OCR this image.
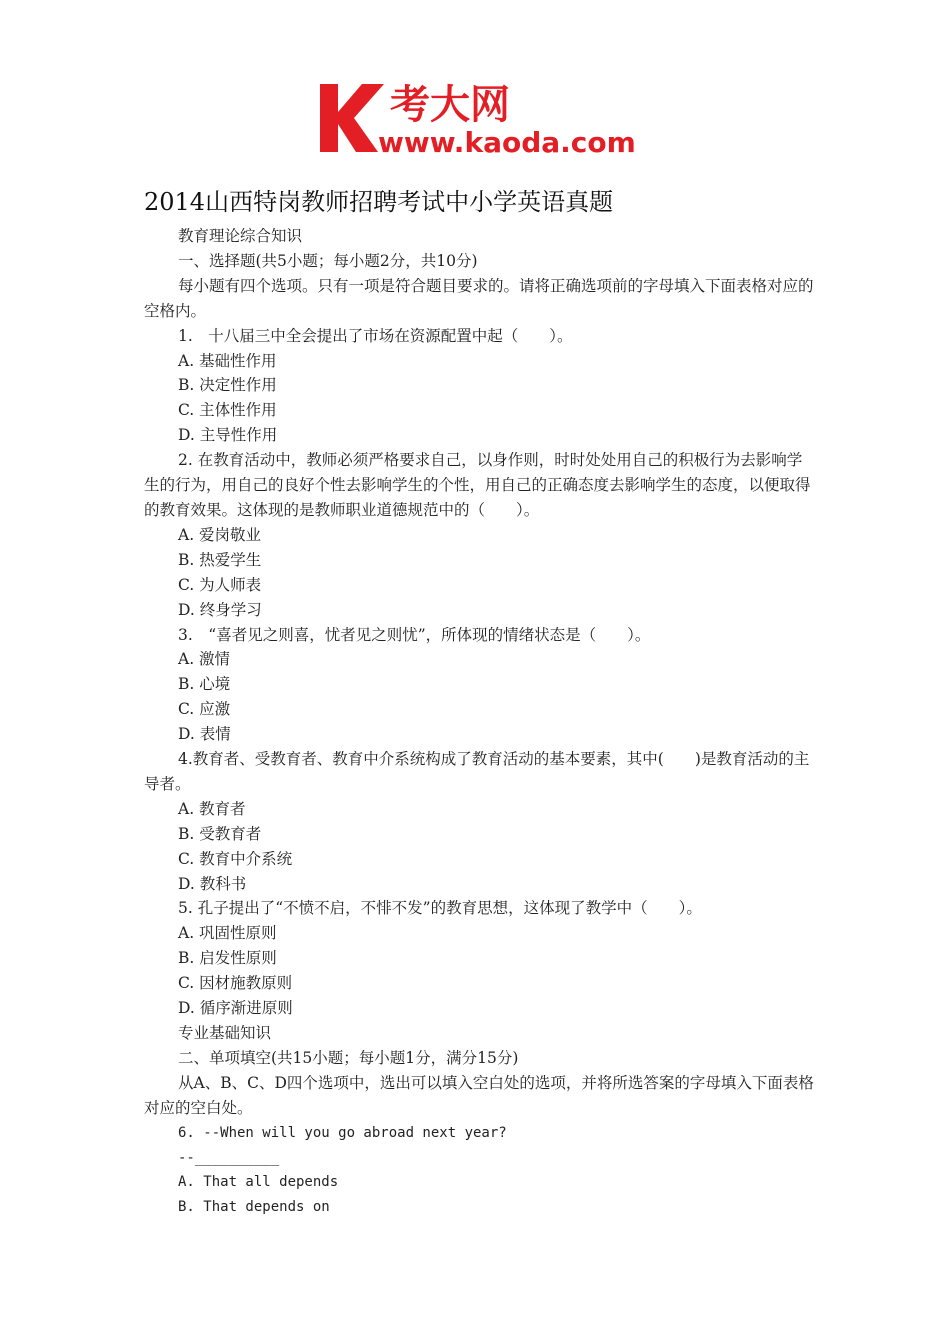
考大网
www.kaoda.com
2014山西特岗教师招聘考试中小学英语真题
教育理论综合知识
一、选择题(共5小题；每小题2分，共10分)
每小题有四个选项。只有一项是符合题目要求的。请将正确选项前的字母填入下面表格对应的空格内。
1.　十八届三中全会提出了市场在资源配置中起（　　）。
A. 基础性作用
B. 决定性作用
C. 主体性作用
D. 主导性作用
2. 在教育活动中，教师必须严格要求自己，以身作则，时时处处用自己的积极行为去影响学生的行为，用自己的良好个性去影响学生的个性，用自己的正确态度去影响学生的态度，以便取得的教育效果。这体现的是教师职业道德规范中的（　　）。
A. 爱岗敬业
B. 热爱学生
C. 为人师表
D. 终身学习
3.　“喜者见之则喜，忧者见之则忧”，所体现的情绪状态是（　　）。
A. 激情
B. 心境
C. 应激
D. 表情
4.教育者、受教育者、教育中介系统构成了教育活动的基本要素，其中(　　)是教育活动的主导者。
A. 教育者
B. 受教育者
C. 教育中介系统
D. 教科书
5. 孔子提出了“不愤不启，不悱不发”的教育思想，这体现了教学中（　　）。
A. 巩固性原则
B. 启发性原则
C. 因材施教原则
D. 循序渐进原则
专业基础知识
二、单项填空(共15小题；每小题1分，满分15分)
从A、B、C、D四个选项中，选出可以填入空白处的选项，并将所选答案的字母填入下面表格对应的空白处。
6. --When will you go abroad next year?
--__________
A. That all depends
B. That depends on
